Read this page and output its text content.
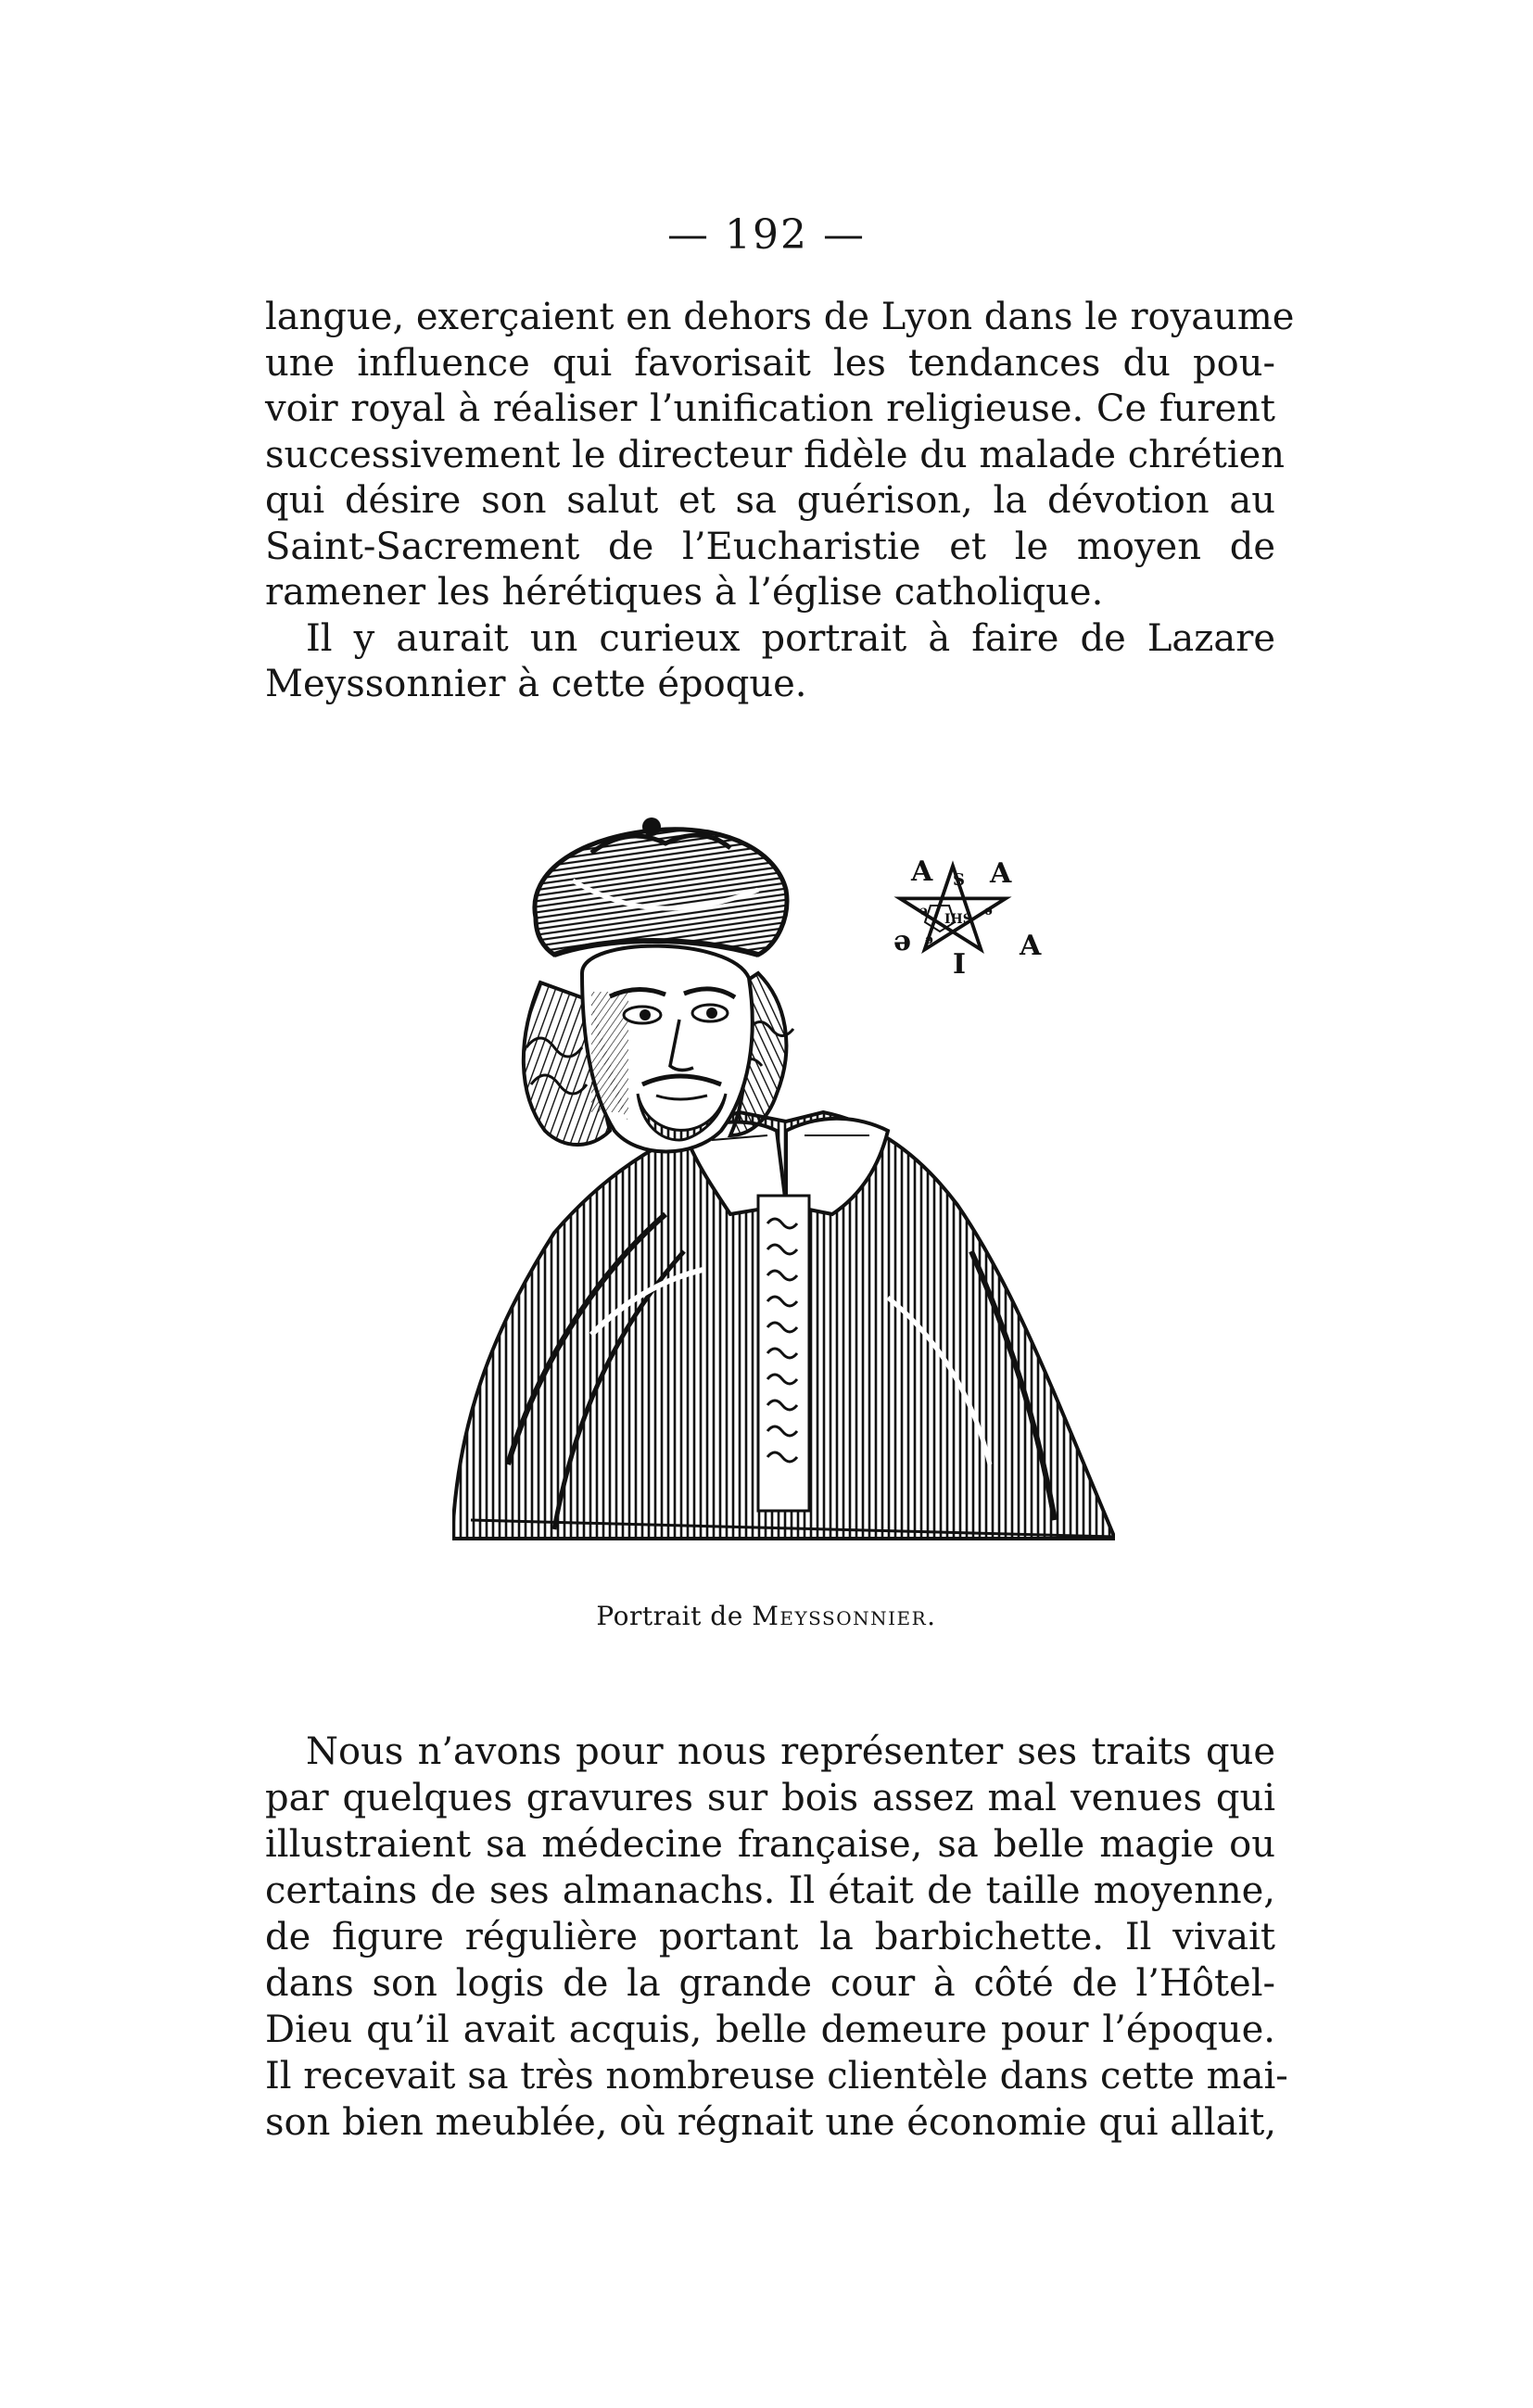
— 192 —
langue, exerçaient en dehors de Lyon dans le royaume
une influence qui favorisait les tendances du pou-
voir royal à réaliser l’unification religieuse. Ce furent
successivement le directeur fidèle du malade chrétien
qui désire son salut et sa guérison, la dévotion au
Saint-Sacrement de l’Eucharistie et le moyen de
ramener les hérétiques à l’église catholique.
Il y aurait un curieux portrait à faire de Lazare
Meyssonnier à cette époque.
IHS
A S A
ǝ	A
I
ǝ	ǝ
ǝ
Portrait de Meyssonnier.
Nous n’avons pour nous représenter ses traits que
par quelques gravures sur bois assez mal venues qui
illustraient sa médecine française, sa belle magie ou
certains de ses almanachs. Il était de taille moyenne,
de figure régulière portant la barbichette. Il vivait
dans son logis de la grande cour à côté de l’Hôtel-
Dieu qu’il avait acquis, belle demeure pour l’époque.
Il recevait sa très nombreuse clientèle dans cette mai-
son bien meublée, où régnait une économie qui allait,
